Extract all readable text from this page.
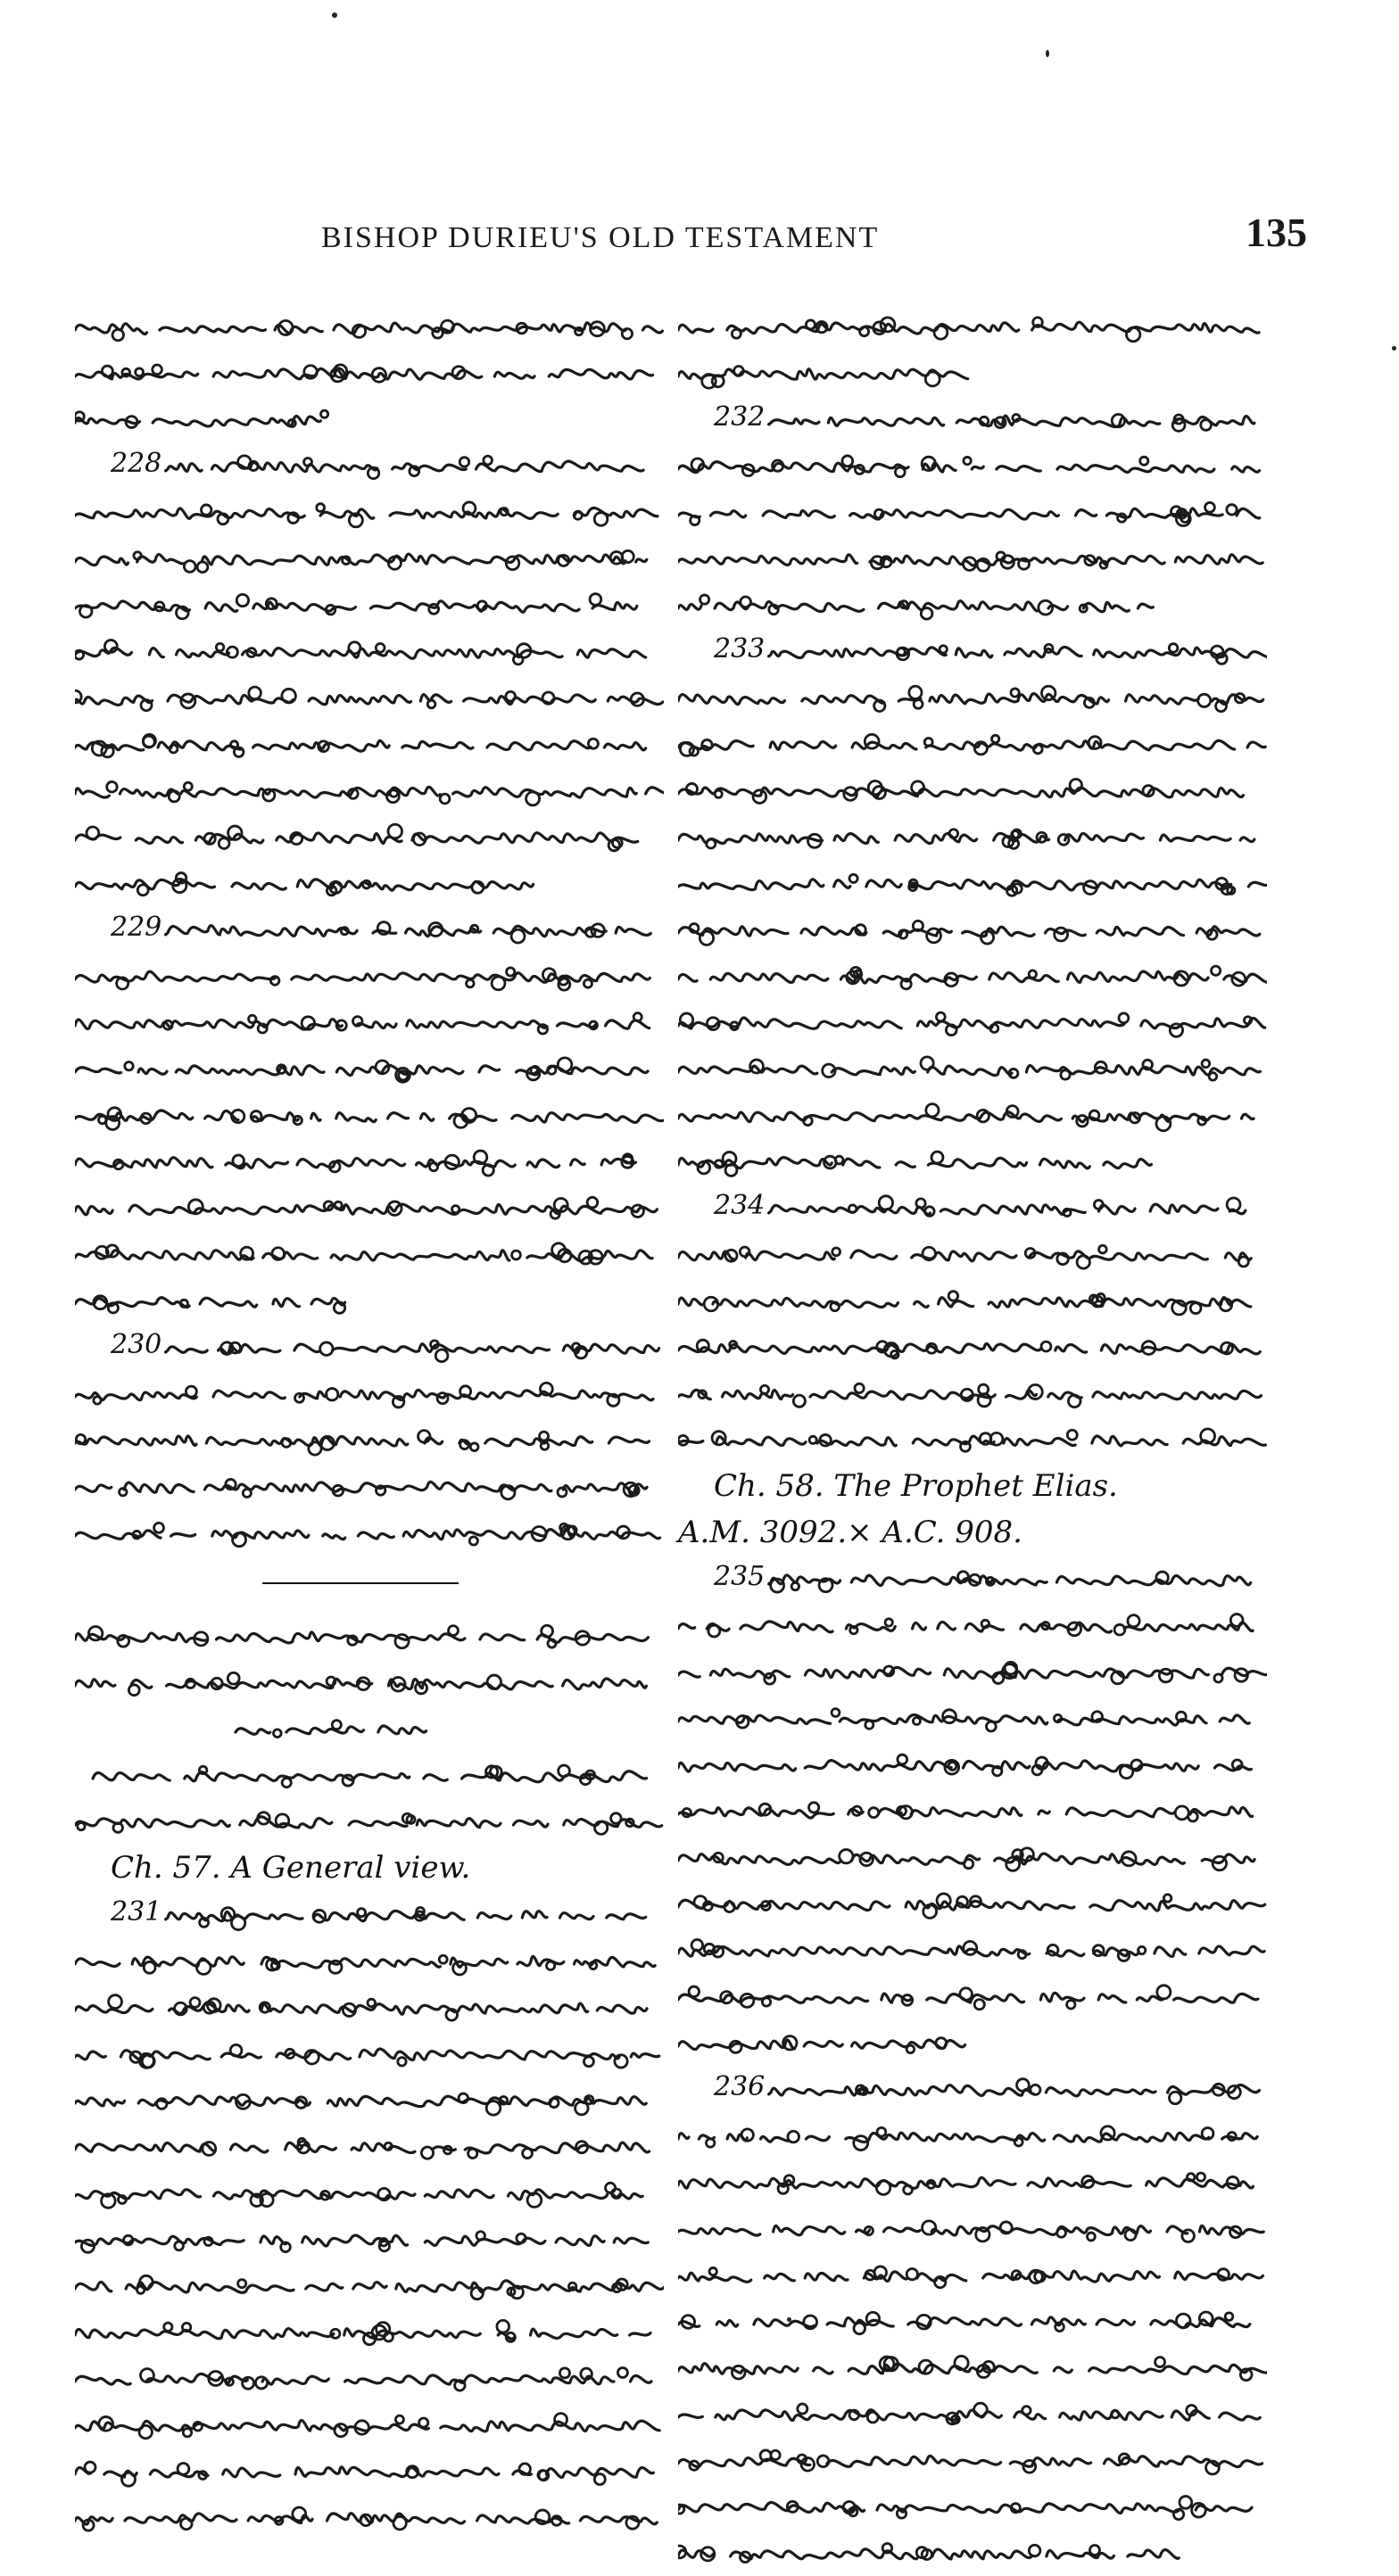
BISHOP DURIEU'S OLD TESTAMENT	135
228.
229.
230.
Ch. 57. A General view.
231.
232.
233.
234.
Ch. 58. The Prophet Elias.
A.M. 3092.× A.C. 908.
235.
236.
